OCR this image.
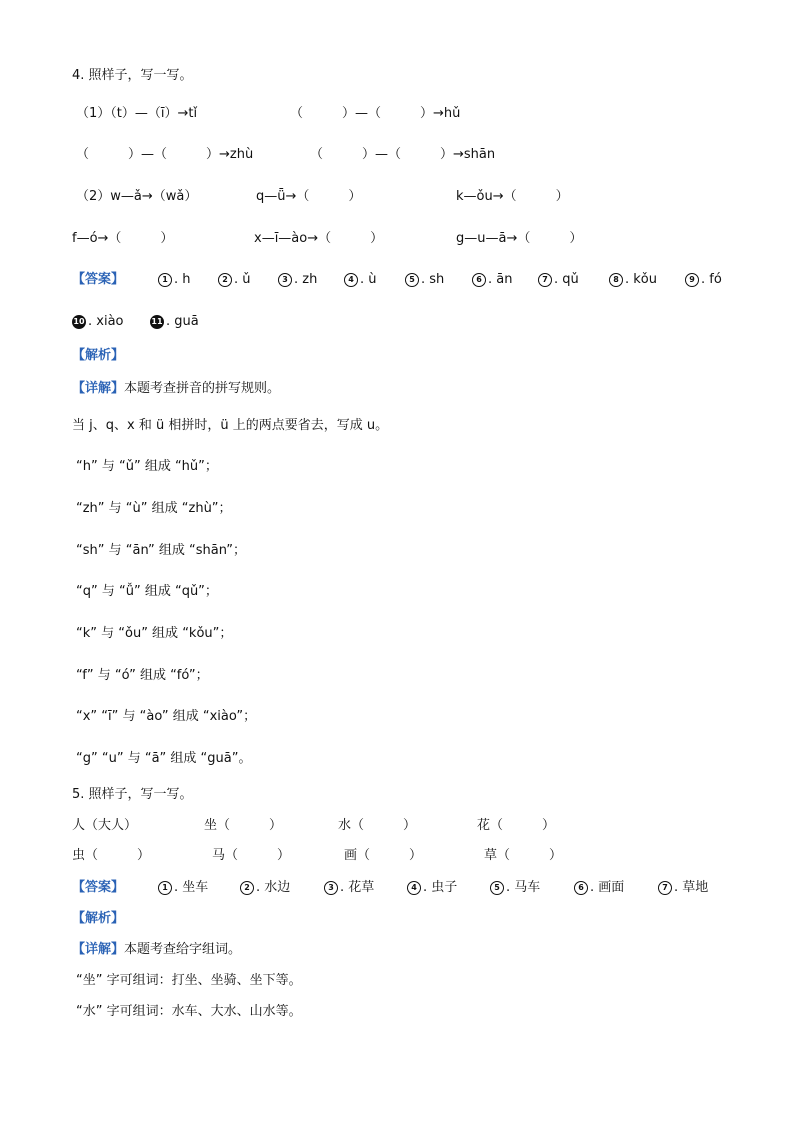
4. 照样子，写一写。
（1）（t）—（ī）→tǐ	（　　　）—（　　　）→hǔ
（　　　）—（　　　）→zhù	（　　　）—（　　　）→shān
（2）w—ǎ→（wǎ）	q—ǖ→（　　　）	k—ǒu→（　　　）
f—ó→（　　　）	x—ī—ào→（　　　）	g—u—ā→（　　　）
【答案】	1 . h	2 . ǔ	3 . zh	4 . ù	5 . sh	6 . ān	7 . qǔ	8 . kǒu	9 . fó
10 . xiào	11 . guā
【解析】
【详解】本题考查拼音的拼写规则。
当 j、q、x 和 ü 相拼时，ü 上的两点要省去，写成 u。
“h” 与 “ǔ” 组成 “hǔ”；
“zh” 与 “ù” 组成 “zhù”；
“sh” 与 “ān” 组成 “shān”；
“q” 与 “ǚ” 组成 “qǔ”；
“k” 与 “ǒu” 组成 “kǒu”；
“f” 与 “ó” 组成 “fó”；
“x” “ī” 与 “ào” 组成 “xiào”；
“g” “u” 与 “ā” 组成 “guā”。
5. 照样子，写一写。
人（大人）	坐（　　　）	水（　　　）	花（　　　）
虫（　　　）	马（　　　）	画（　　　）	草（　　　）
【答案】	1 . 坐车	2 . 水边	3 . 花草	4 . 虫子	5 . 马车	6 . 画面	7 . 草地
【解析】
【详解】本题考查给字组词。
“坐” 字可组词：打坐、坐骑、坐下等。
“水” 字可组词：水车、大水、山水等。
